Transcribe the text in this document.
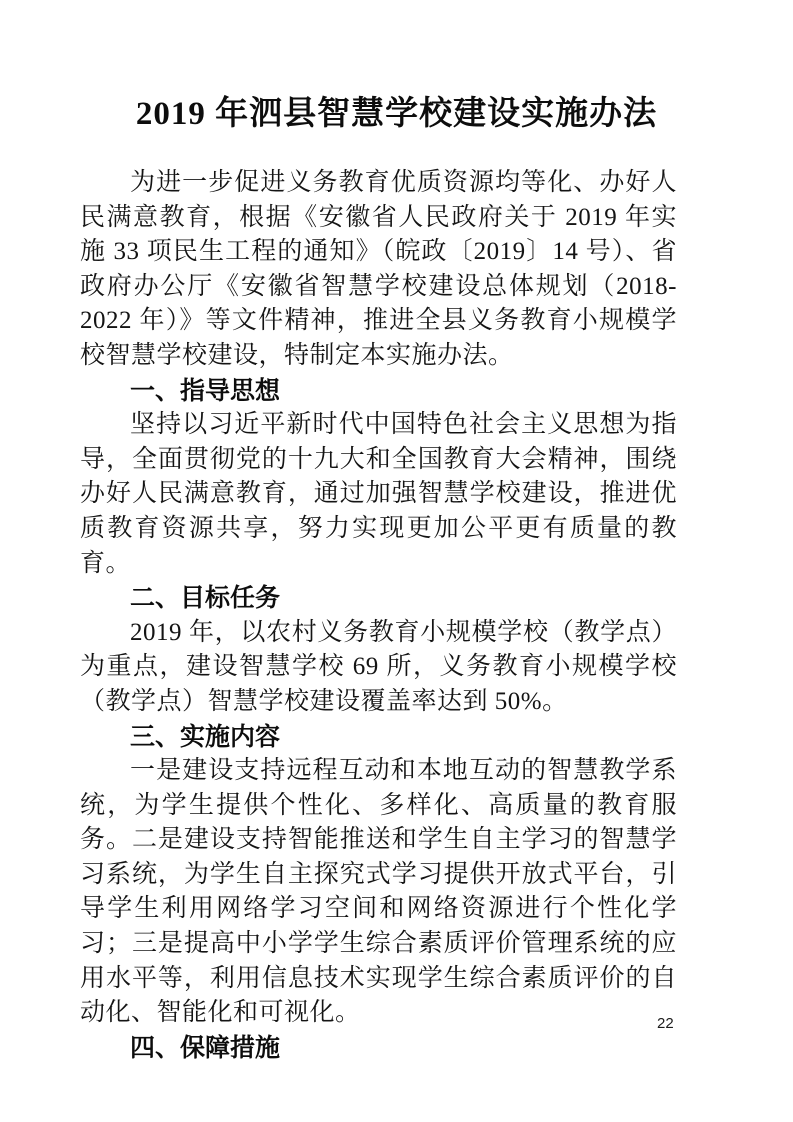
2019 年泗县智慧学校建设实施办法

为进一步促进义务教育优质资源均等化、办好人民满意教育，根据《安徽省人民政府关于 2019 年实施 33 项民生工程的通知》（皖政〔2019〕14 号）、省政府办公厅《安徽省智慧学校建设总体规划（2018-2022 年）》等文件精神，推进全县义务教育小规模学校智慧学校建设，特制定本实施办法。

一、指导思想

坚持以习近平新时代中国特色社会主义思想为指导，全面贯彻党的十九大和全国教育大会精神，围绕办好人民满意教育，通过加强智慧学校建设，推进优质教育资源共享，努力实现更加公平更有质量的教育。

二、目标任务

2019 年，以农村义务教育小规模学校（教学点）为重点，建设智慧学校 69 所，义务教育小规模学校（教学点）智慧学校建设覆盖率达到 50%。

三、实施内容

一是建设支持远程互动和本地互动的智慧教学系统，为学生提供个性化、多样化、高质量的教育服务。二是建设支持智能推送和学生自主学习的智慧学习系统，为学生自主探究式学习提供开放式平台，引导学生利用网络学习空间和网络资源进行个性化学习；三是提高中小学学生综合素质评价管理系统的应用水平等，利用信息技术实现学生综合素质评价的自动化、智能化和可视化。

四、保障措施
22
